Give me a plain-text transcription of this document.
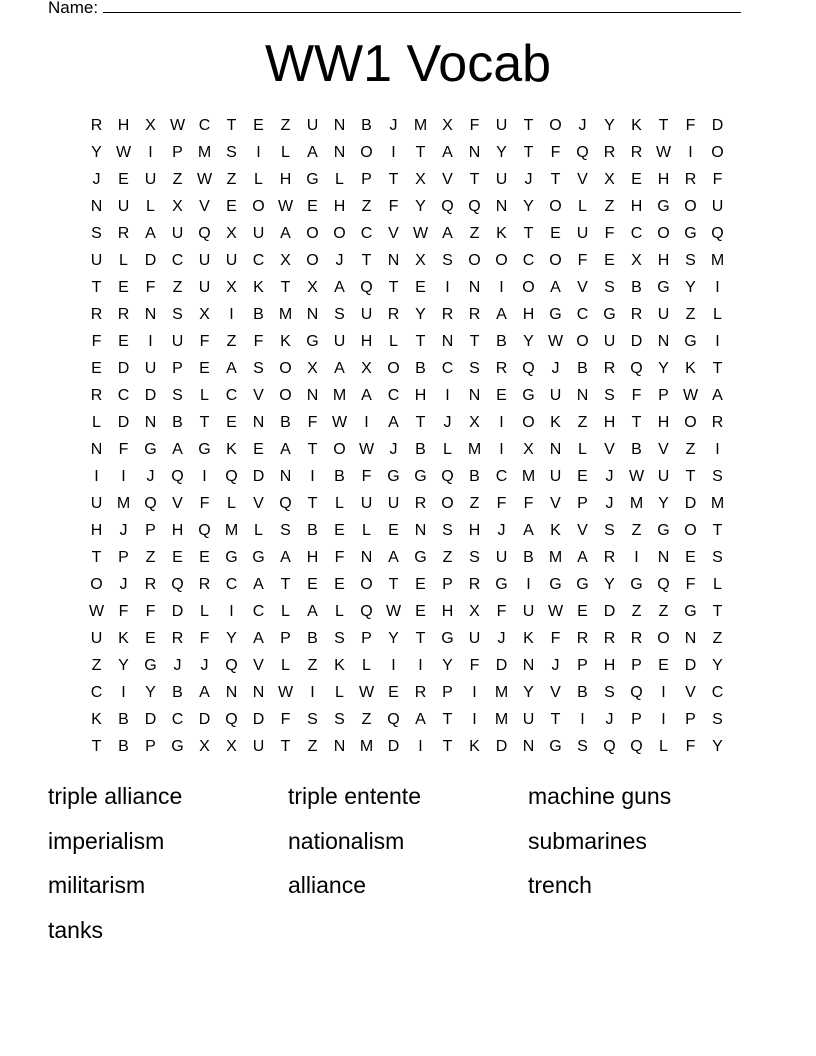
Name:
WW1 Vocab
R H X W C	T	E	Z	U N B	J	M X	F	U	T O	J	Y	K	T	F	D
Y W	I	P M S	I	L	A N O	I	T	A N Y	T	F Q R R W	I	O
J	E U	Z W Z	L	H G	L	P	T	X	V	T	U	J	T	V	X	E H R	F
N U	L	X	V	E O W E H	Z	F	Y Q Q N Y O	L	Z	H G O U
S R A U Q X U A O O C V W A	Z	K	T	E U	F	C O G Q
U	L	D C U U C X O	J	T	N X	S O O C O F	E	X H S M
T	E	F	Z	U X	K	T	X	A Q T	E	I	N	I	O A	V	S	B G Y	I
R R N S	X	I	B M N S U R Y R R A H G C G R U	Z	L
F	E	I	U	F	Z	F	K G U H	L	T	N	T	B	Y W O U D N G	I
E D U P	E	A	S O X	A	X O B C S R Q	J	B R Q Y	K	T
R C D S	L	C V O N M A C H	I	N E G U N S	F	P W A
L	D N B	T	E N B	F W	I	A	T	J	X	I	O K	Z	H	T	H O R
N	F G A G K	E	A	T O W J	B	L M	I	X N	L	V	B	V	Z	I
I	I	J	Q	I	Q D N	I	B	F G G Q B C M U E	J W U	T	S
U M Q V	F	L	V Q T	L	U U R O Z	F	F	V	P	J	M Y D M
H	J	P H Q M L	S	B	E	L	E N S H	J	A	K	V	S	Z G O T
T	P	Z	E	E G G A H	F	N A G Z	S U B M A R	I	N E	S
O	J	R Q R C A	T	E	E O T	E	P R G	I	G G Y G Q F	L
W F	F	D	L	I	C	L	A	L	Q W E H X	F	U W E D	Z	Z G T
U K	E R	F	Y	A	P	B	S	P	Y	T G U	J	K	F	R R R O N	Z
Z	Y G	J	J	Q V	L	Z	K	L	I	I	Y	F	D N	J	P H P	E D Y
C	I	Y	B	A N N W	I	L W E R P	I	M Y	V	B	S Q	I	V C
K	B D C D Q D	F	S	S	Z Q A	T	I	M U	T	I	J	P	I	P	S
T	B	P G X	X U	T	Z	N M D	I	T	K D N G S Q Q	L	F	Y
triple alliance	triple entente	machine guns
imperialism	nationalism	submarines
militarism	alliance	trench
tanks
